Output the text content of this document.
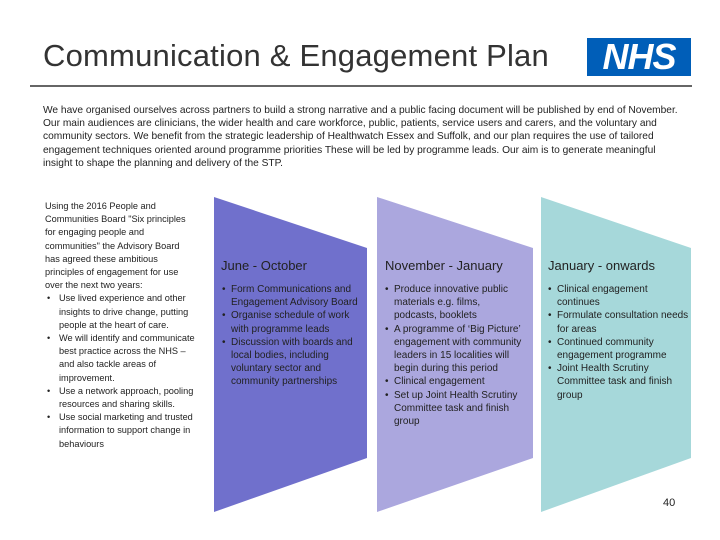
Communication & Engagement Plan	NHS
We have organised ourselves across partners to build a strong narrative and a public facing document will be published by end of November. Our main audiences are clinicians, the wider health and care workforce, public, patients, service users and carers, and the voluntary and community sectors. We benefit from the strategic leadership of Healthwatch Essex and Suffolk, and our plan requires the use of tailored engagement techniques oriented around programme priorities These will be led by programme leads. Our aim is to generate meaningful insight to shape the planning and delivery of the STP.
Using the 2016 People and Communities Board "Six principles for engaging people and communities" the Advisory Board has agreed these ambitious principles of engagement for use over the next two years:
• Use lived experience and other insights to drive change, putting people at the heart of care.
• We will identify and communicate best practice across the NHS – and also tackle areas of improvement.
• Use a network approach, pooling resources and sharing skills.
• Use social marketing and trusted information to support change in behaviours
June - October
• Form Communications and Engagement Advisory Board
• Organise schedule of work with programme leads
• Discussion with boards and local bodies, including voluntary sector and community partnerships
November - January
• Produce innovative public materials e.g. films, podcasts, booklets
• A programme of ‘Big Picture’ engagement with community leaders in 15 localities will begin during this period
• Clinical engagement
• Set up Joint Health Scrutiny Committee task and finish group
January - onwards
• Clinical engagement continues
• Formulate consultation needs for areas
• Continued community engagement programme
• Joint Health Scrutiny Committee task and finish group
40
